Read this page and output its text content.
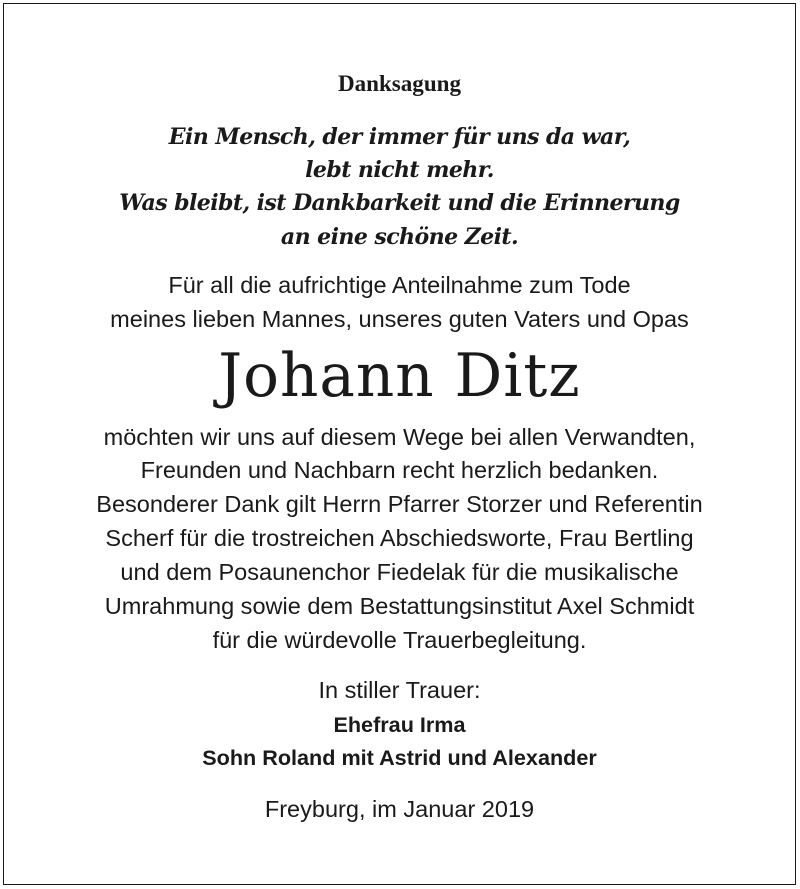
Danksagung
Ein Mensch, der immer für uns da war,
lebt nicht mehr.
Was bleibt, ist Dankbarkeit und die Erinnerung
an eine schöne Zeit.
Für all die aufrichtige Anteilnahme zum Tode
meines lieben Mannes, unseres guten Vaters und Opas
Johann Ditz
möchten wir uns auf diesem Wege bei allen Verwandten,
Freunden und Nachbarn recht herzlich bedanken.
Besonderer Dank gilt Herrn Pfarrer Storzer und Referentin
Scherf für die trostreichen Abschiedsworte, Frau Bertling
und dem Posaunenchor Fiedelak für die musikalische
Umrahmung sowie dem Bestattungsinstitut Axel Schmidt
für die würdevolle Trauerbegleitung.
In stiller Trauer:
Ehefrau Irma
Sohn Roland mit Astrid und Alexander
Freyburg, im Januar 2019
